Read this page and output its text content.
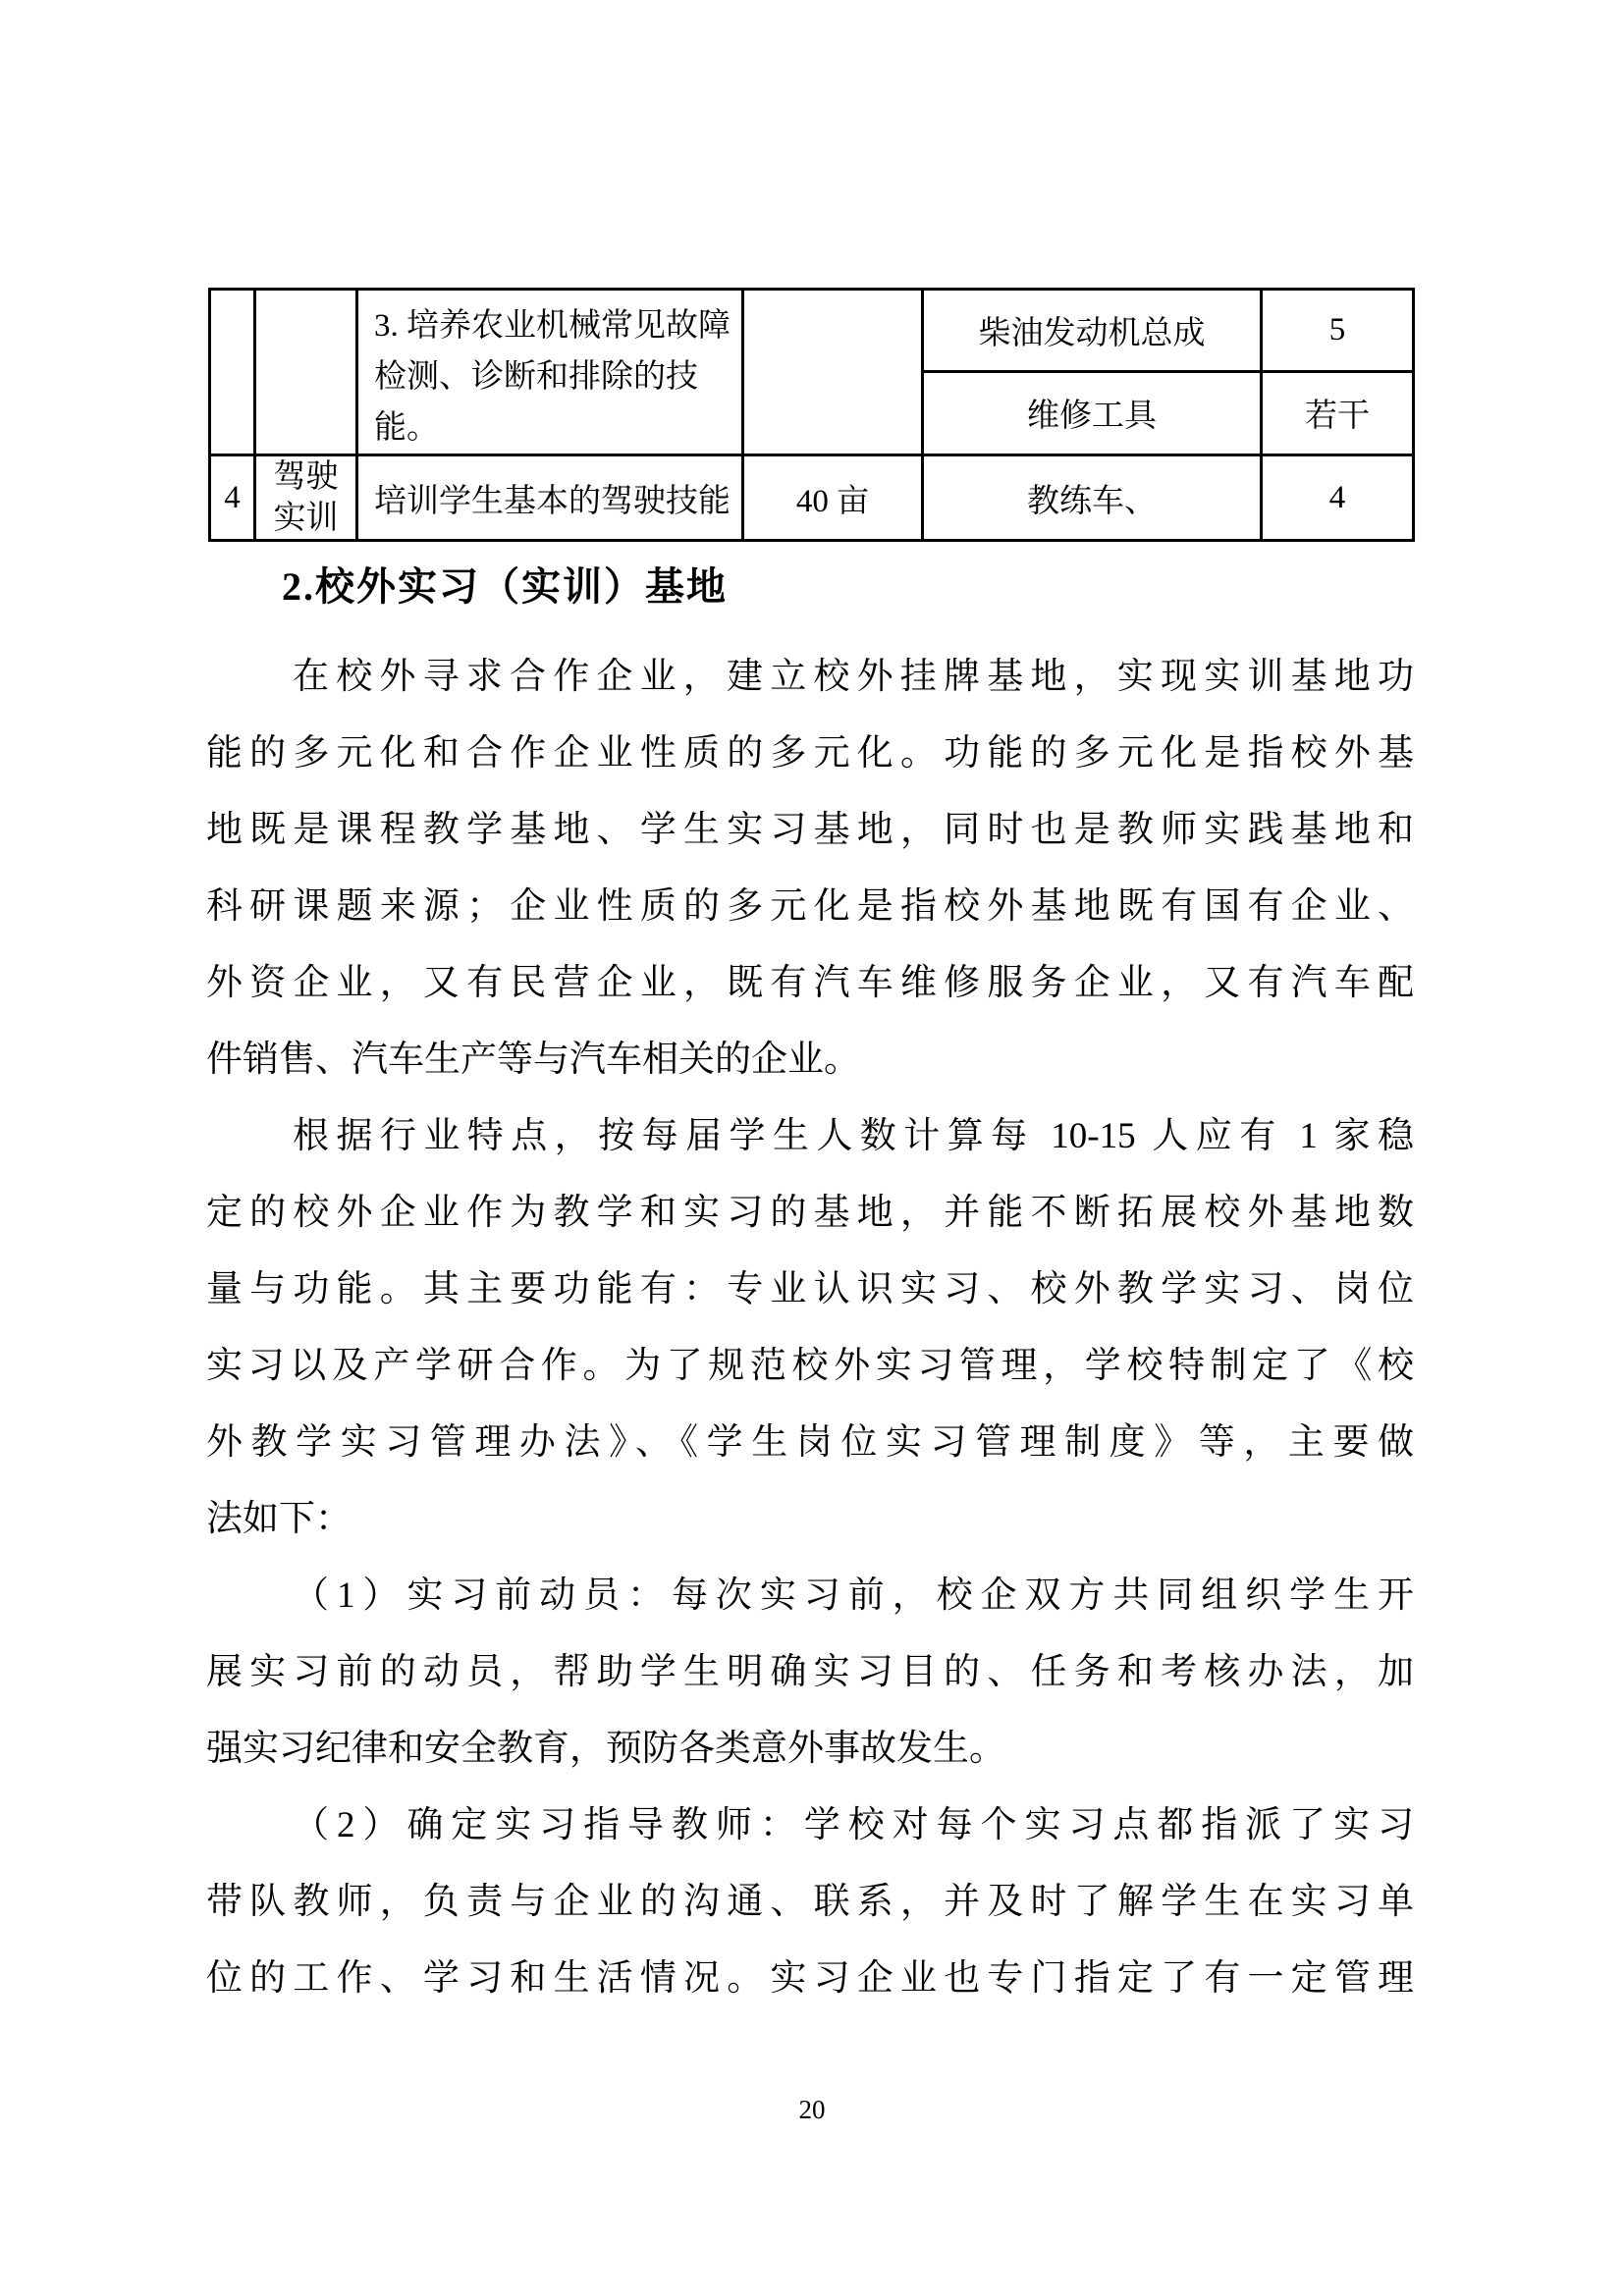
		3. 培养农业机械常见故障检测、诊断和排除的技能。		柴油发动机总成	5
				维修工具	若干
4	驾驶实训	培训学生基本的驾驶技能	40 亩	教练车、	4
2.校外实习（实训）基地
在校外寻求合作企业，建立校外挂牌基地，实现实训基地功
能的多元化和合作企业性质的多元化。功能的多元化是指校外基
地既是课程教学基地、学生实习基地，同时也是教师实践基地和
科研课题来源；企业性质的多元化是指校外基地既有国有企业、
外资企业，又有民营企业，既有汽车维修服务企业，又有汽车配
件销售、汽车生产等与汽车相关的企业。
根据行业特点，按每届学生人数计算每 10-15 人应有 1 家稳
定的校外企业作为教学和实习的基地，并能不断拓展校外基地数
量与功能。其主要功能有：专业认识实习、校外教学实习、岗位
实习以及产学研合作。为了规范校外实习管理，学校特制定了《校
外教学实习管理办法》、《学生岗位实习管理制度》等，主要做
法如下：
（1）实习前动员：每次实习前，校企双方共同组织学生开
展实习前的动员，帮助学生明确实习目的、任务和考核办法，加
强实习纪律和安全教育，预防各类意外事故发生。
（2）确定实习指导教师：学校对每个实习点都指派了实习
带队教师，负责与企业的沟通、联系，并及时了解学生在实习单
位的工作、学习和生活情况。实习企业也专门指定了有一定管理
20
